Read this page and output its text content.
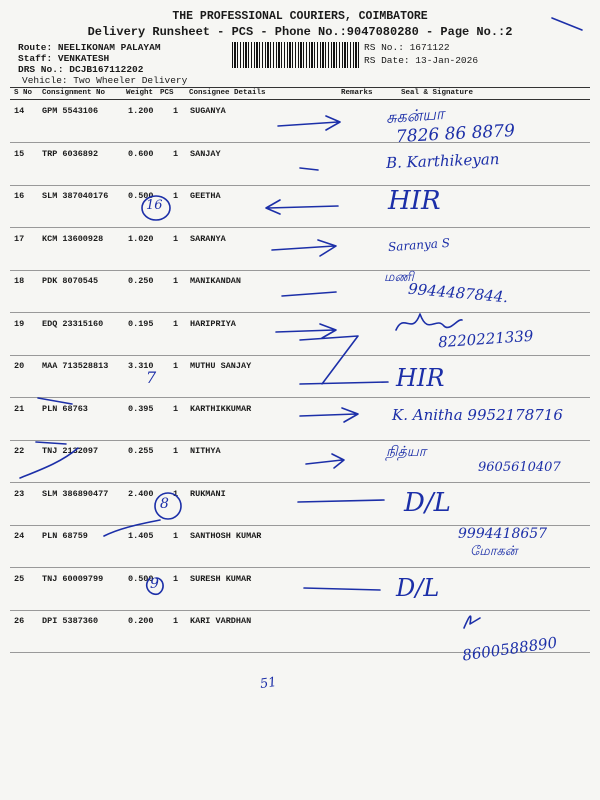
THE PROFESSIONAL COURIERS, COIMBATORE
Delivery Runsheet - PCS - Phone No.:9047080280 - Page No.:2
Route: NEELIKONAM PALAYAM
Staff: VENKATESH
DRS No.: DCJB167112202
Vehicle: Two Wheeler Delivery
RS No.: 1671122
RS Date: 13-Jan-2026
S No Consignment No	Weight PCS Consignee Details	Remarks	Seal & Signature
14 GPM 5543106	1.200 1 SUGANYA
15 TRP 6036892	0.600 1 SANJAY
16 SLM 387040176 0.500 1 GEETHA
17 KCM 13600928	1.020 1 SARANYA
18 PDK 8070545	0.250 1 MANIKANDAN
19 EDQ 23315160	0.195 1 HARIPRIYA
20 MAA 713528813 3.310 1 MUTHU SANJAY
21 PLN 68763	0.395 1 KARTHIKKUMAR
22 TNJ 2132097	0.255 1 NITHYA
23 SLM 386890477 2.400 1 RUKMANI
24 PLN 68759	1.405 1 SANTHOSH KUMAR
25 TNJ 60009799	0.500 1 SURESH KUMAR
26 DPI 5387360	0.200 1 KARI VARDHAN
சுகன்யா
7826 86 8879
B. Karthikeyan
HIR
Saranya S
மணி
9944487844.
8220221339
HIR
K. Anitha 9952178716
நித்யா
9605610407
D/L
9994418657
மோகன்
D/L
8600588890
16
7
8
9
51
